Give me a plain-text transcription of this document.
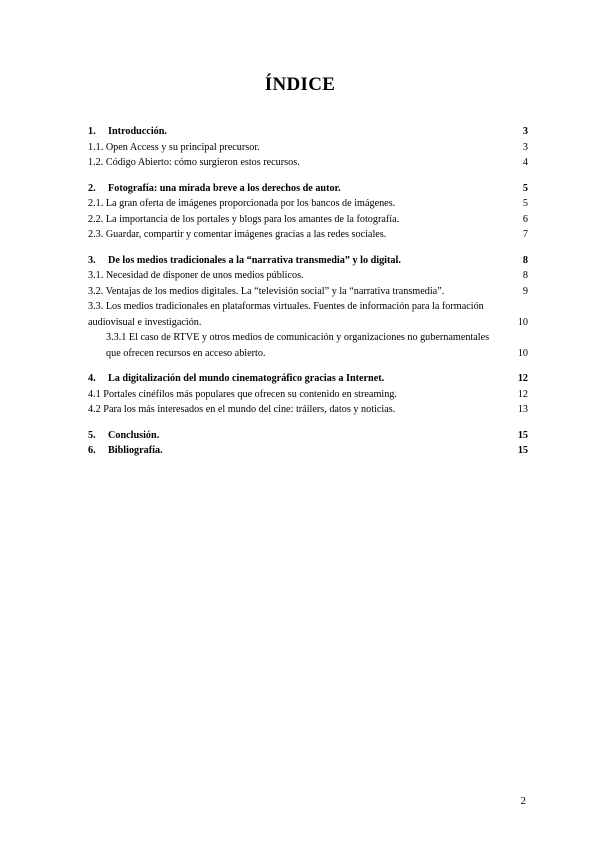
ÍNDICE
1. Introducción.	3
1.1. Open Access y su principal precursor.	3
1.2. Código Abierto: cómo surgieron estos recursos.	4
2. Fotografía: una mirada breve a los derechos de autor.	5
2.1. La gran oferta de imágenes proporcionada por los bancos de imágenes.	5
2.2. La importancia de los portales y blogs para los amantes de la fotografía.	6
2.3. Guardar, compartir y comentar imágenes gracias a las redes sociales.	7
3. De los medios tradicionales a la “narrativa transmedia” y lo digital.	8
3.1. Necesidad de disponer de unos medios públicos.	8
3.2. Ventajas de los medios digitales. La “televisión social” y la “narrativa transmedia”.	9
3.3. Los medios tradicionales en plataformas virtuales. Fuentes de información para la formación audiovisual e investigación.	10
3.3.1 El caso de RTVE y otros medios de comunicación y organizaciones no gubernamentales que ofrecen recursos en acceso abierto.	10
4. La digitalización del mundo cinematográfico gracias a Internet.	12
4.1 Portales cinéfilos más populares que ofrecen su contenido en streaming.	12
4.2 Para los más interesados en el mundo del cine: tráilers, datos y noticias.	13
5. Conclusión.	15
6. Bibliografía.	15
2
